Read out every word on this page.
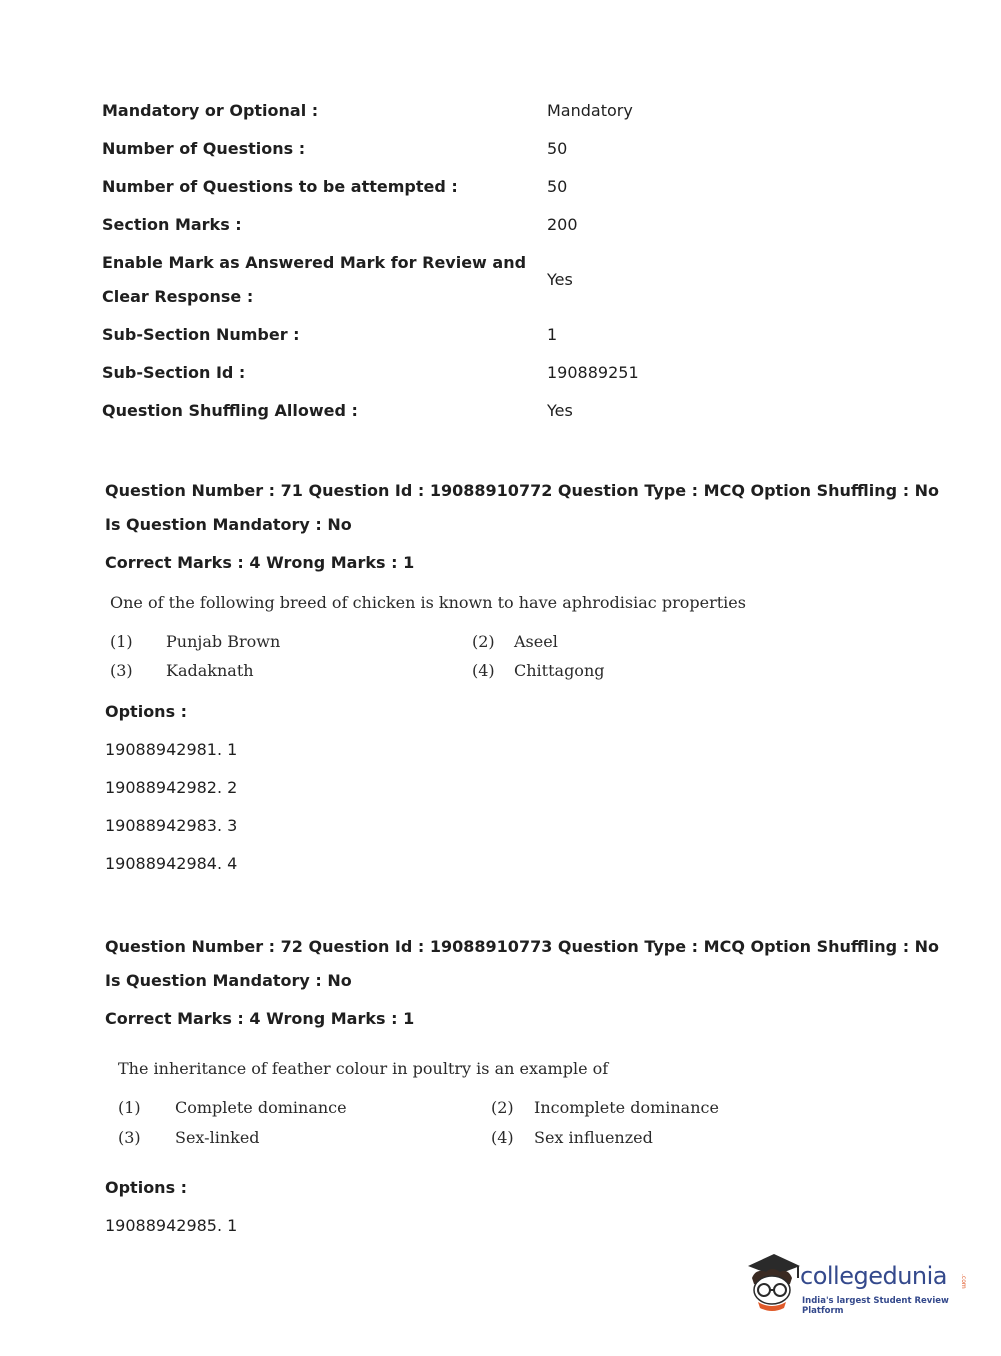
Mandatory or Optional :	Mandatory
Number of Questions :	50
Number of Questions to be attempted :	50
Section Marks :	200
Enable Mark as Answered Mark for Review and
Clear Response :
Yes
Sub-Section Number :	1
Sub-Section Id :	190889251
Question Shuffling Allowed :	Yes
Question Number : 71 Question Id : 19088910772 Question Type : MCQ Option Shuffling : No
Is Question Mandatory : No
Correct Marks : 4 Wrong Marks : 1
One of the following breed of chicken is known to have aphrodisiac properties
(1) Punjab Brown	(2) Aseel
(3) Kadaknath	(4) Chittagong
Options :
19088942981. 1
19088942982. 2
19088942983. 3
19088942984. 4
Question Number : 72 Question Id : 19088910773 Question Type : MCQ Option Shuffling : No
Is Question Mandatory : No
Correct Marks : 4 Wrong Marks : 1
The inheritance of feather colour in poultry is an example of
(1) Complete dominance	(2) Incomplete dominance
(3) Sex-linked	(4) Sex influenzed
Options :
19088942985. 1
collegedunia .com
India's largest Student Review Platform
